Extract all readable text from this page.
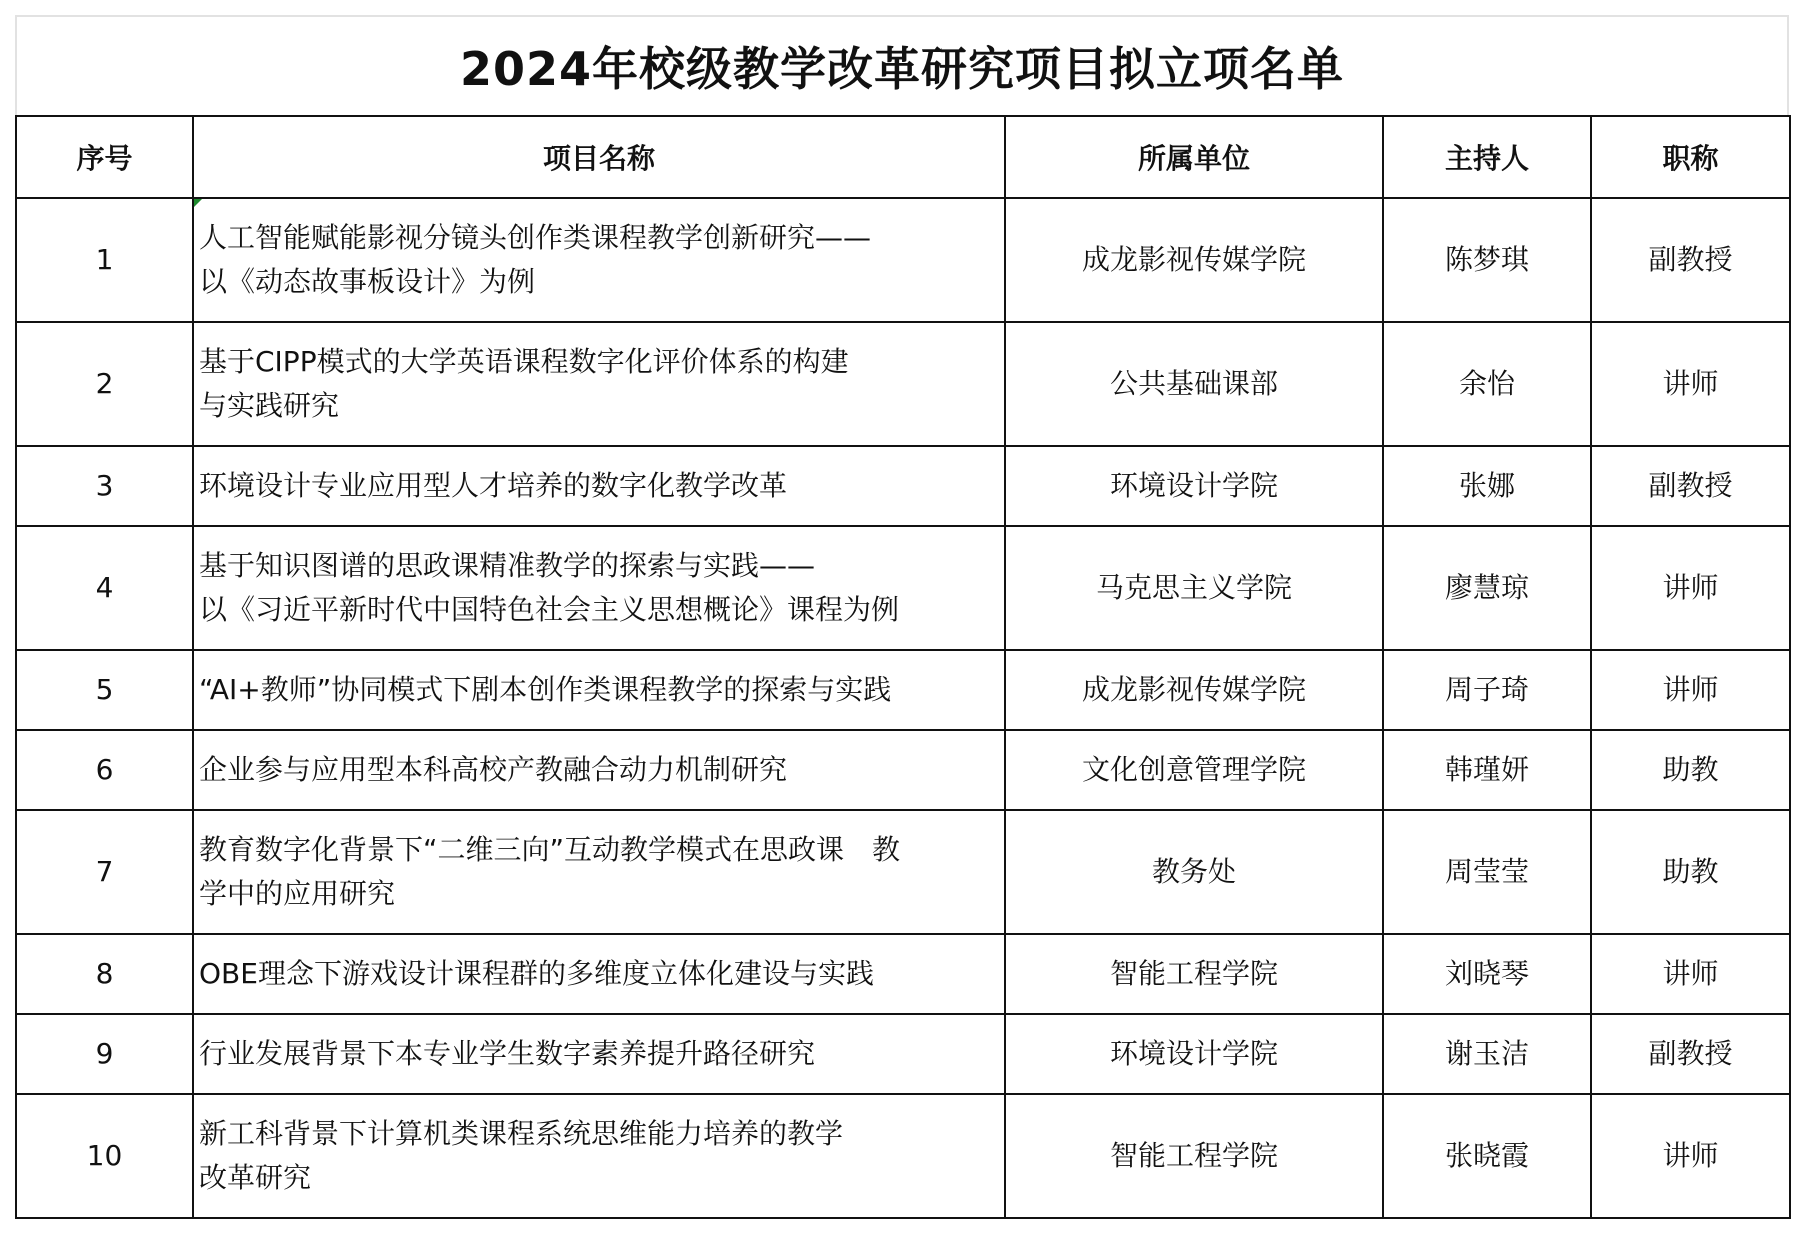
2024年校级教学改革研究项目拟立项名单
序号	项目名称	所属单位	主持人	职称
1	人工智能赋能影视分镜头创作类课程教学创新研究——
以《动态故事板设计》为例	成龙影视传媒学院	陈梦琪	副教授
2	基于CIPP模式的大学英语课程数字化评价体系的构建
与实践研究	公共基础课部	余怡	讲师
3	环境设计专业应用型人才培养的数字化教学改革	环境设计学院	张娜	副教授
4	基于知识图谱的思政课精准教学的探索与实践——
以《习近平新时代中国特色社会主义思想概论》课程为例	马克思主义学院	廖慧琼	讲师
5	“AI+教师”协同模式下剧本创作类课程教学的探索与实践	成龙影视传媒学院	周子琦	讲师
6	企业参与应用型本科高校产教融合动力机制研究	文化创意管理学院	韩瑾妍	助教
7	教育数字化背景下“二维三向”互动教学模式在思政课　教
学中的应用研究	教务处	周莹莹	助教
8	OBE理念下游戏设计课程群的多维度立体化建设与实践	智能工程学院	刘晓琴	讲师
9	行业发展背景下本专业学生数字素养提升路径研究	环境设计学院	谢玉洁	副教授
10	新工科背景下计算机类课程系统思维能力培养的教学
改革研究	智能工程学院	张晓霞	讲师
